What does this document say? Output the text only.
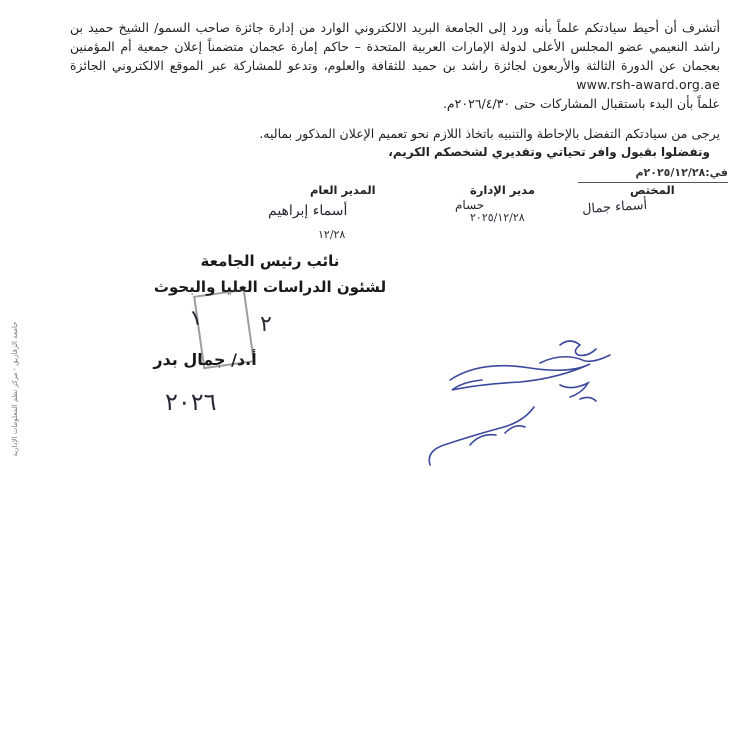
أتشرف أن أحيط سيادتكم علماً بأنه ورد إلى الجامعة البريد الالكتروني الوارد من إدارة جائزة صاحب السمو/ الشيخ حميد بن راشد النعيمي عضو المجلس الأعلى لدولة الإمارات العربية المتحدة – حاكم إمارة عجمان متضمناً إعلان جمعية أم المؤمنين بعجمان عن الدورة الثالثة والأربعون لجائزة راشد بن حميد للثقافة والعلوم، وتدعو للمشاركة عبر الموقع الالكتروني الجائزة www.rsh-award.org.ae
علماً بأن البدء باستقبال المشاركات حتى ٢٠٢٦/٤/٣٠م.
يرجى من سيادتكم التفضل بالإحاطة والتنبيه باتخاذ اللازم نحو تعميم الإعلان المذكور بماليه.
وتفضلوا بقبول وافر تحياتي وتقديري لشخصكم الكريم،
في:٢٠٢٥/١٢/٢٨م
المختص
مدير الإدارة
المدير العام
أسماء جمال
حسام
٢٠٢٥/١٢/٢٨
أسماء إبراهيم
١٢/٢٨
نائب رئيس الجامعة
لشئون الدراسات العليا والبحوث
١	٢
أ.د/ جمال بدر
٢٠٢٦
جامعة الزقازيق - مركز نظم المعلومات الإدارية
